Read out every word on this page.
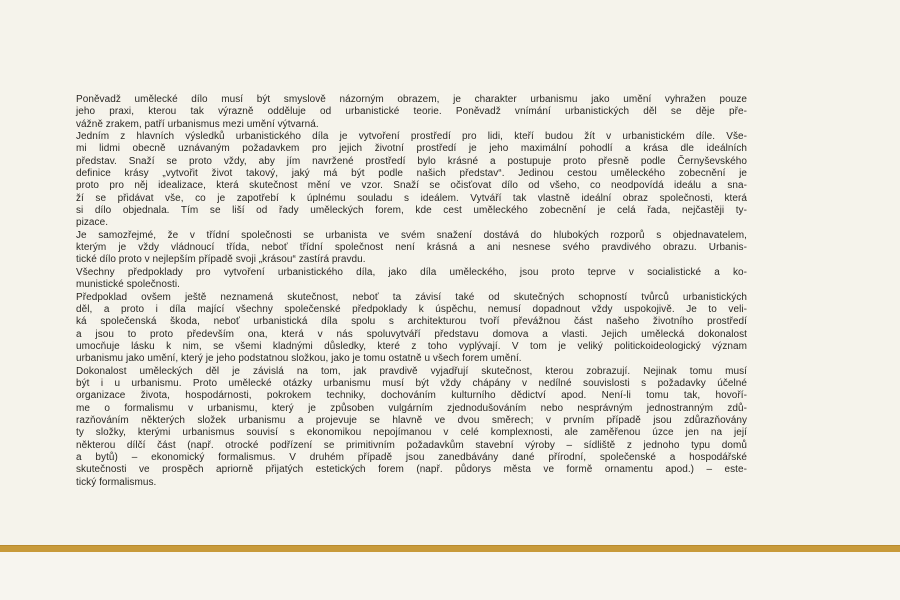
Poněvadž umělecké dílo musí být smyslově názorným obrazem, je charakter urbanismu jako umění vyhražen pouze
jeho praxi, kterou tak výrazně odděluje od urbanistické teorie. Poněvadž vnímání urbanistických děl se děje pře-
vážně zrakem, patří urbanismus mezi umění výtvarná.
Jedním z hlavních výsledků urbanistického díla je vytvoření prostředí pro lidi, kteří budou žít v urbanistickém díle. Vše-
mi lidmi obecně uznávaným požadavkem pro jejich životní prostředí je jeho maximální pohodlí a krása dle ideálních
představ. Snaží se proto vždy, aby jím navržené prostředí bylo krásné a postupuje proto přesně podle Černyševského
definice krásy „vytvořit život takový, jaký má být podle našich představ“. Jedinou cestou uměleckého zobecnění je
proto pro něj idealizace, která skutečnost mění ve vzor. Snaží se očisťovat dílo od všeho, co neodpovídá ideálu a sna-
ží se přidávat vše, co je zapotřebí k úplnému souladu s ideálem. Vytváří tak vlastně ideální obraz společnosti, která
si dílo objednala. Tím se liší od řady uměleckých forem, kde cest uměleckého zobecnění je celá řada, nejčastěji ty-
pizace.
Je samozřejmé, že v třídní společnosti se urbanista ve svém snažení dostává do hlubokých rozporů s objednavatelem,
kterým je vždy vládnoucí třída, neboť třídní společnost není krásná a ani nesnese svého pravdivého obrazu. Urbanis-
tické dílo proto v nejlepším případě svoji „krásou“ zastírá pravdu.
Všechny předpoklady pro vytvoření urbanistického díla, jako díla uměleckého, jsou proto teprve v socialistické a ko-
munistické společnosti.
Předpoklad ovšem ještě neznamená skutečnost, neboť ta závisí také od skutečných schopností tvůrců urbanistických
děl, a proto i díla mající všechny společenské předpoklady k úspěchu, nemusí dopadnout vždy uspokojivě. Je to veli-
ká společenská škoda, neboť urbanistická díla spolu s architekturou tvoří převážnou část našeho životního prostředí
a jsou to proto především ona, která v nás spoluvytváří představu domova a vlasti. Jejich umělecká dokonalost
umocňuje lásku k nim, se všemi kladnými důsledky, které z toho vyplývají. V tom je veliký politickoideologický význam
urbanismu jako umění, který je jeho podstatnou složkou, jako je tomu ostatně u všech forem umění.
Dokonalost uměleckých děl je závislá na tom, jak pravdivě vyjadřují skutečnost, kterou zobrazují. Nejinak tomu musí
být i u urbanismu. Proto umělecké otázky urbanismu musí být vždy chápány v nedílné souvislosti s požadavky účelné
organizace života, hospodárnosti, pokrokem techniky, dochováním kulturního dědictví apod. Není-li tomu tak, hovoří-
me o formalismu v urbanismu, který je způsoben vulgárním zjednodušováním nebo nesprávným jednostranným zdů-
razňováním některých složek urbanismu a projevuje se hlavně ve dvou směrech; v prvním případě jsou zdůrazňovány
ty složky, kterými urbanismus souvisí s ekonomikou nepojímanou v celé komplexnosti, ale zaměřenou úzce jen na její
některou dílčí část (např. otrocké podřízení se primitivním požadavkům stavební výroby – sídliště z jednoho typu domů
a bytů) – ekonomický formalismus. V druhém případě jsou zanedbávány dané přírodní, společenské a hospodářské
skutečnosti ve prospěch apriorně přijatých estetických forem (např. půdorys města ve formě ornamentu apod.) – este-
tický formalismus.
